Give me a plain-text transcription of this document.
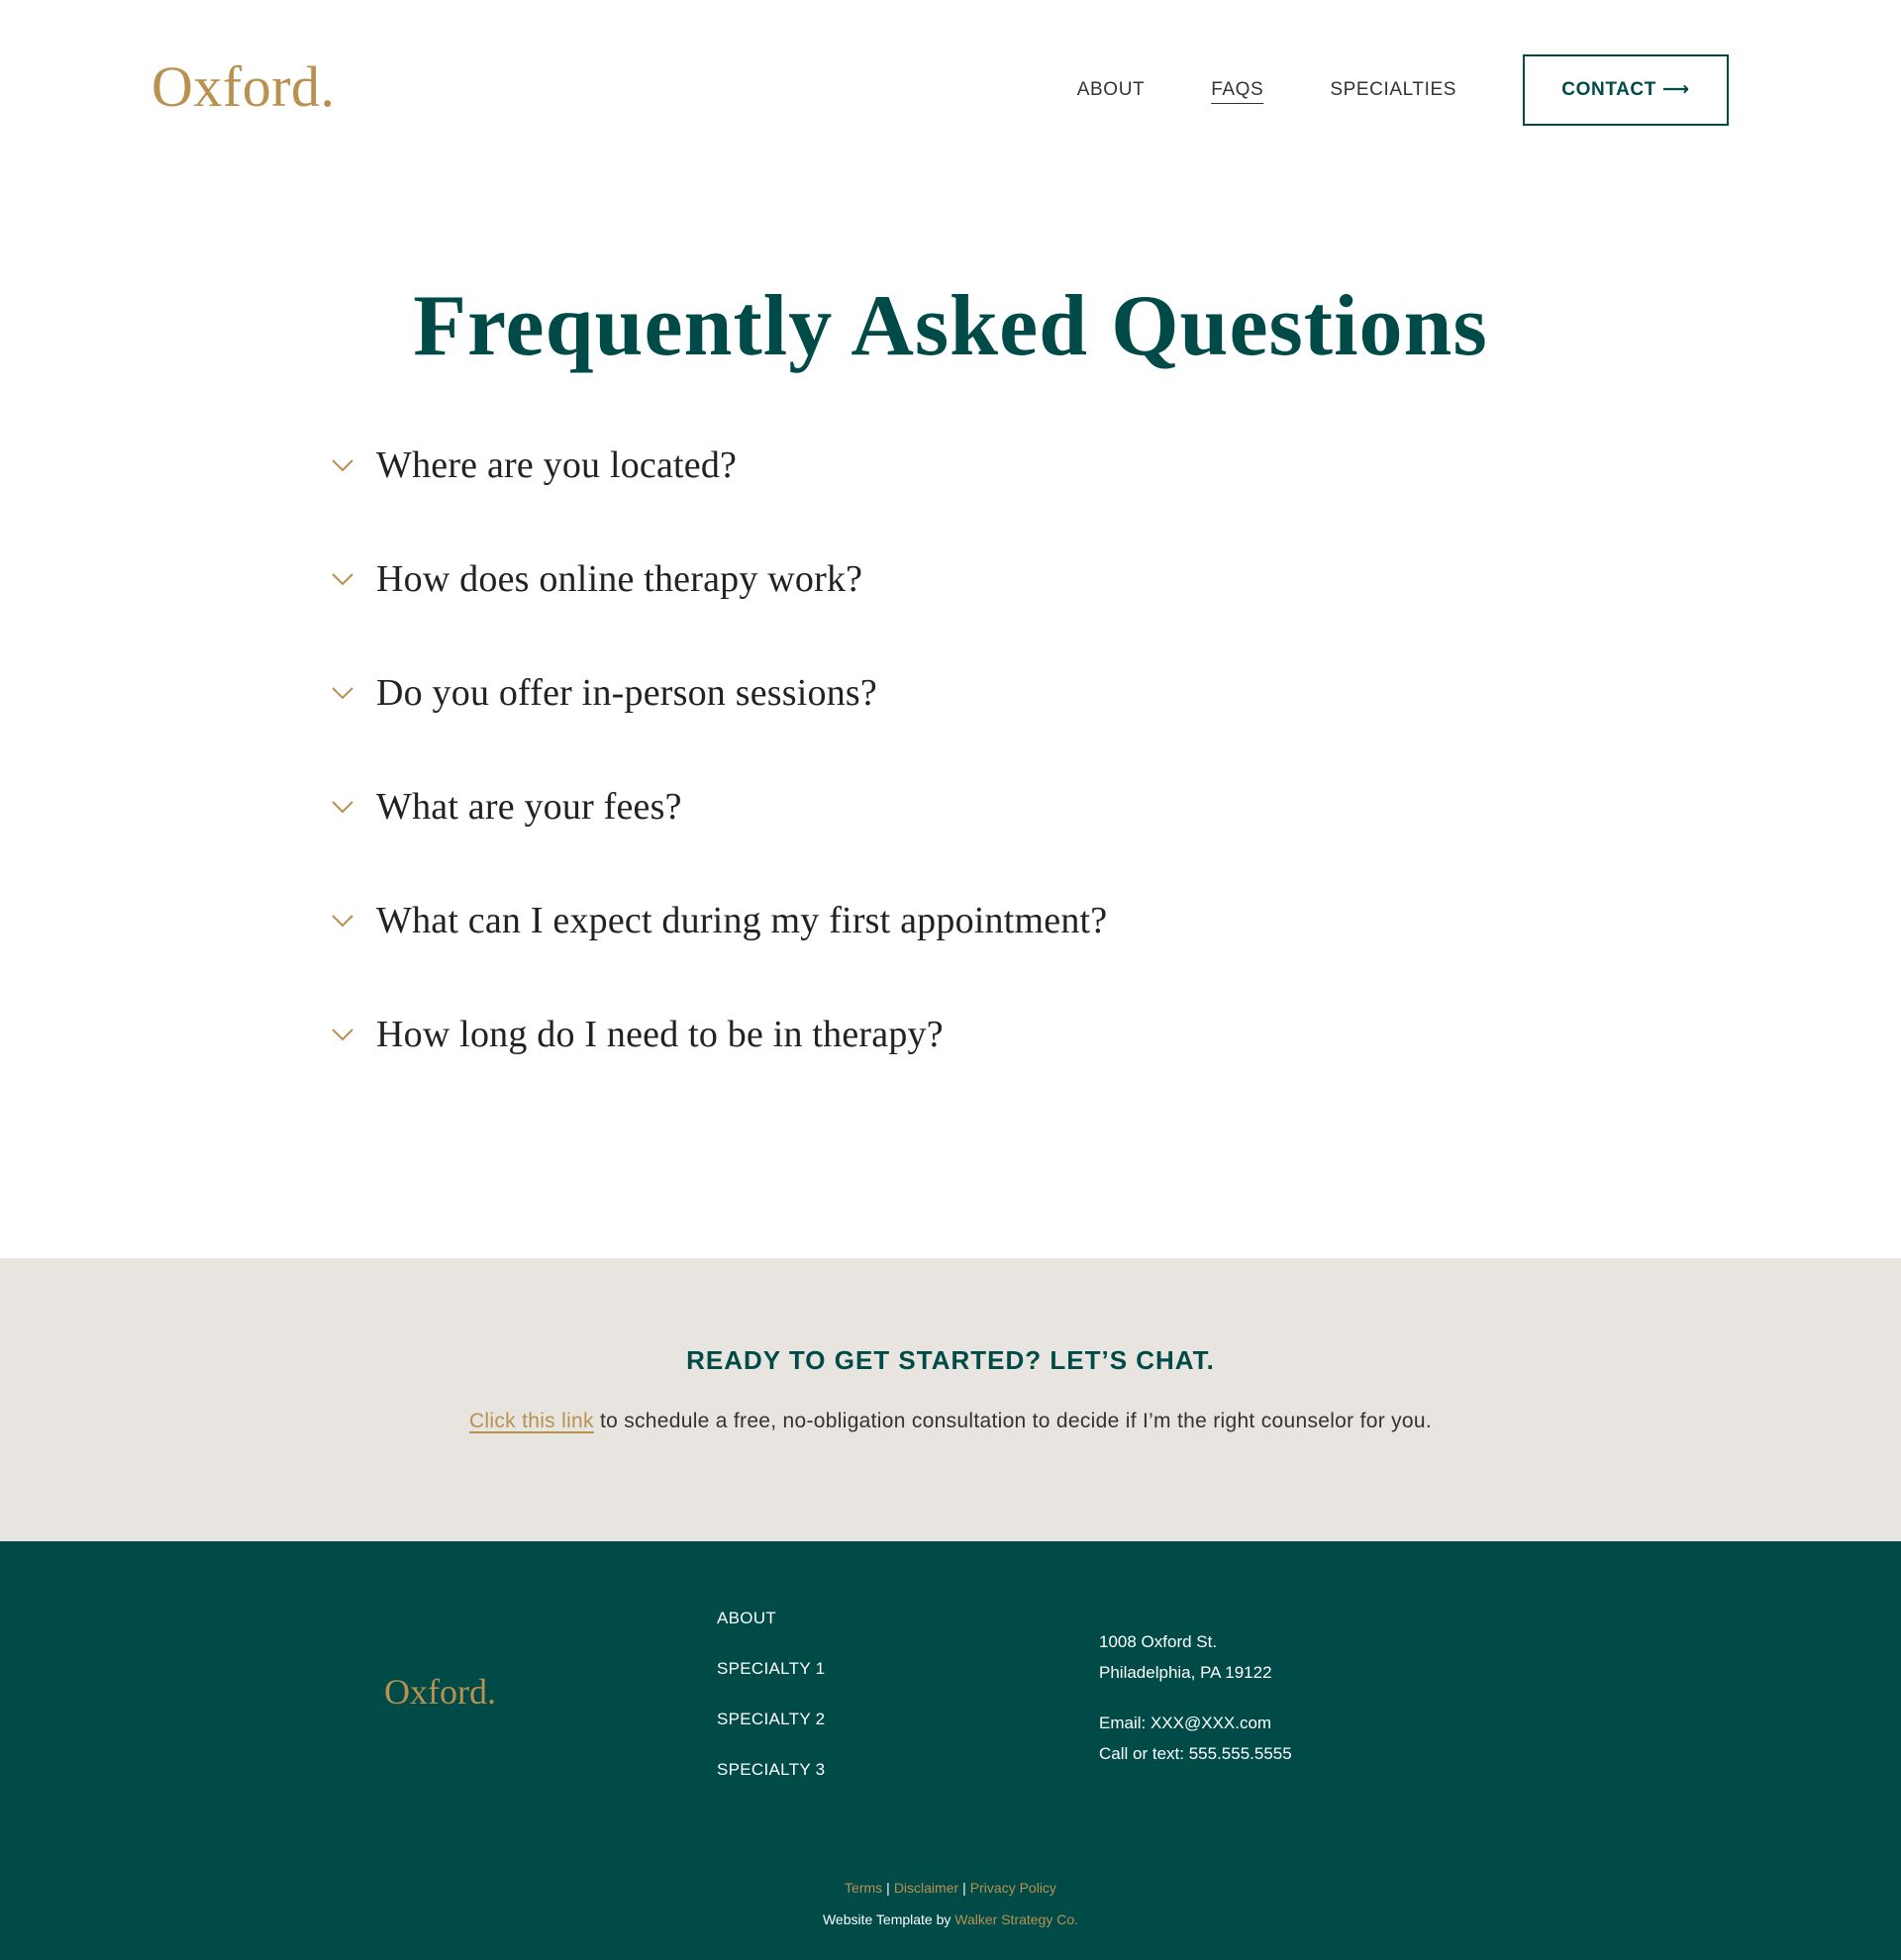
Oxford.	ABOUT	FAQS	SPECIALTIES	CONTACT ⟶
Frequently Asked Questions
Where are you located?
How does online therapy work?
Do you offer in-person sessions?
What are your fees?
What can I expect during my first appointment?
How long do I need to be in therapy?
READY TO GET STARTED? LET’S CHAT.

Click this link to schedule a free, no-obligation consultation to decide if I’m the right counselor for you.

Oxford.
ABOUT
SPECIALTY 1
SPECIALTY 2
SPECIALTY 3
1008 Oxford St.
Philadelphia, PA 19122
Email: XXX@XXX.com
Call or text: 555.555.5555
Terms | Disclaimer | Privacy Policy
Website Template by Walker Strategy Co.
